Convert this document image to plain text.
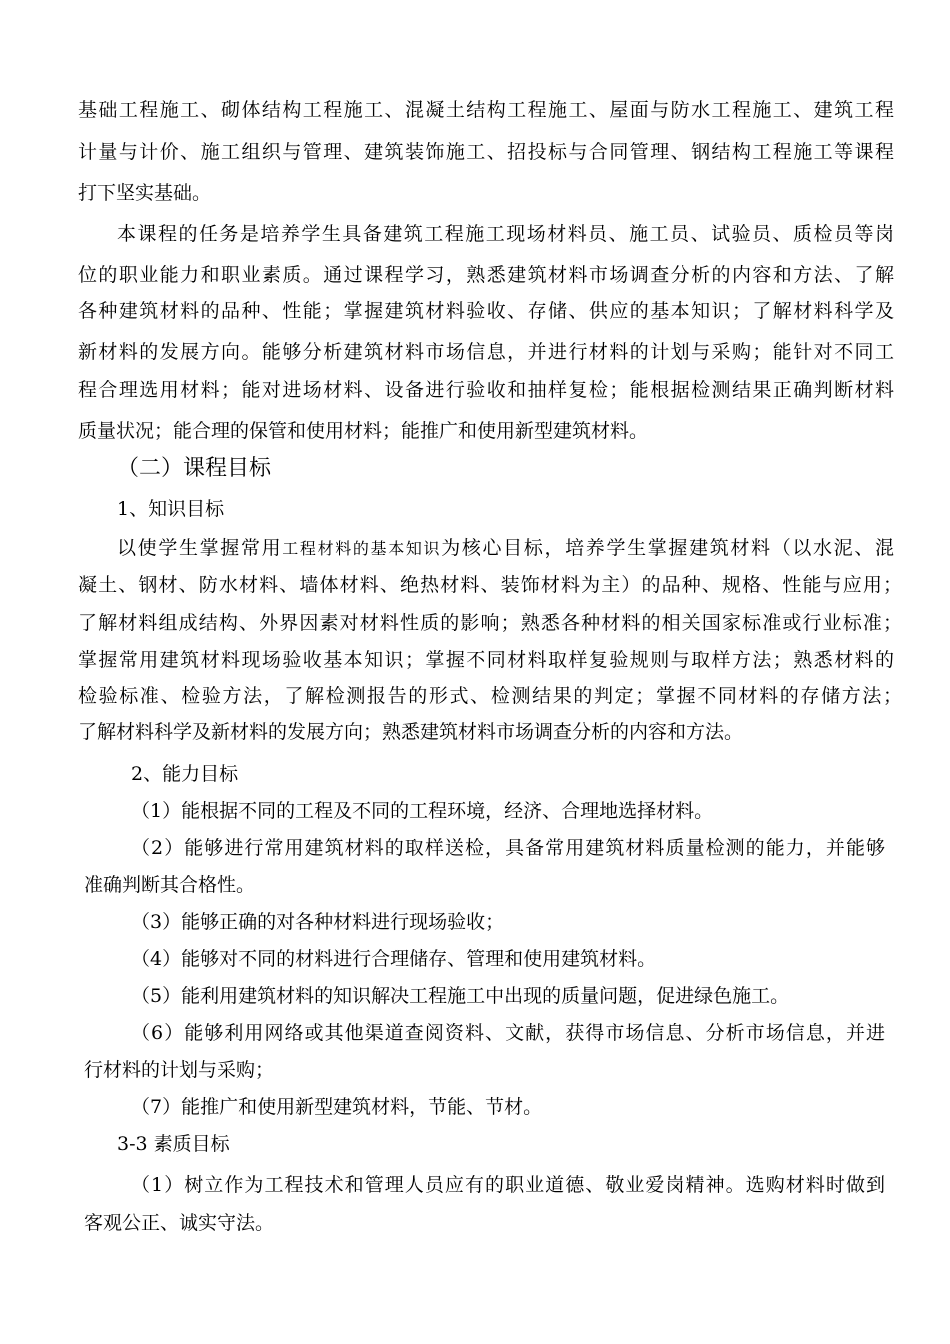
基础工程施工、砌体结构工程施工、混凝土结构工程施工、屋面与防水工程施工、建筑工程

计量与计价、施工组织与管理、建筑装饰施工、招投标与合同管理、钢结构工程施工等课程

打下坚实基础。

本课程的任务是培养学生具备建筑工程施工现场材料员、施工员、试验员、质检员等岗

位的职业能力和职业素质。通过课程学习，熟悉建筑材料市场调查分析的内容和方法、了解

各种建筑材料的品种、性能；掌握建筑材料验收、存储、供应的基本知识；了解材料科学及

新材料的发展方向。能够分析建筑材料市场信息，并进行材料的计划与采购；能针对不同工

程合理选用材料；能对进场材料、设备进行验收和抽样复检；能根据检测结果正确判断材料

质量状况；能合理的保管和使用材料；能推广和使用新型建筑材料。

（二）课程目标

1、知识目标

以使学生掌握常用工程材料的基本知识为核心目标，培养学生掌握建筑材料（以水泥、混

凝土、钢材、防水材料、墙体材料、绝热材料、装饰材料为主）的品种、规格、性能与应用；

了解材料组成结构、外界因素对材料性质的影响；熟悉各种材料的相关国家标准或行业标准；

掌握常用建筑材料现场验收基本知识；掌握不同材料取样复验规则与取样方法；熟悉材料的

检验标准、检验方法，了解检测报告的形式、检测结果的判定；掌握不同材料的存储方法；

了解材料科学及新材料的发展方向；熟悉建筑材料市场调查分析的内容和方法。

2、能力目标

（1）能根据不同的工程及不同的工程环境，经济、合理地选择材料。

（2）能够进行常用建筑材料的取样送检，具备常用建筑材料质量检测的能力，并能够

准确判断其合格性。

（3）能够正确的对各种材料进行现场验收；

（4）能够对不同的材料进行合理储存、管理和使用建筑材料。

（5）能利用建筑材料的知识解决工程施工中出现的质量问题，促进绿色施工。

（6）能够利用网络或其他渠道查阅资料、文献，获得市场信息、分析市场信息，并进

行材料的计划与采购；

（7）能推广和使用新型建筑材料，节能、节材。

3-3 素质目标

（1）树立作为工程技术和管理人员应有的职业道德、敬业爱岗精神。选购材料时做到

客观公正、诚实守法。
